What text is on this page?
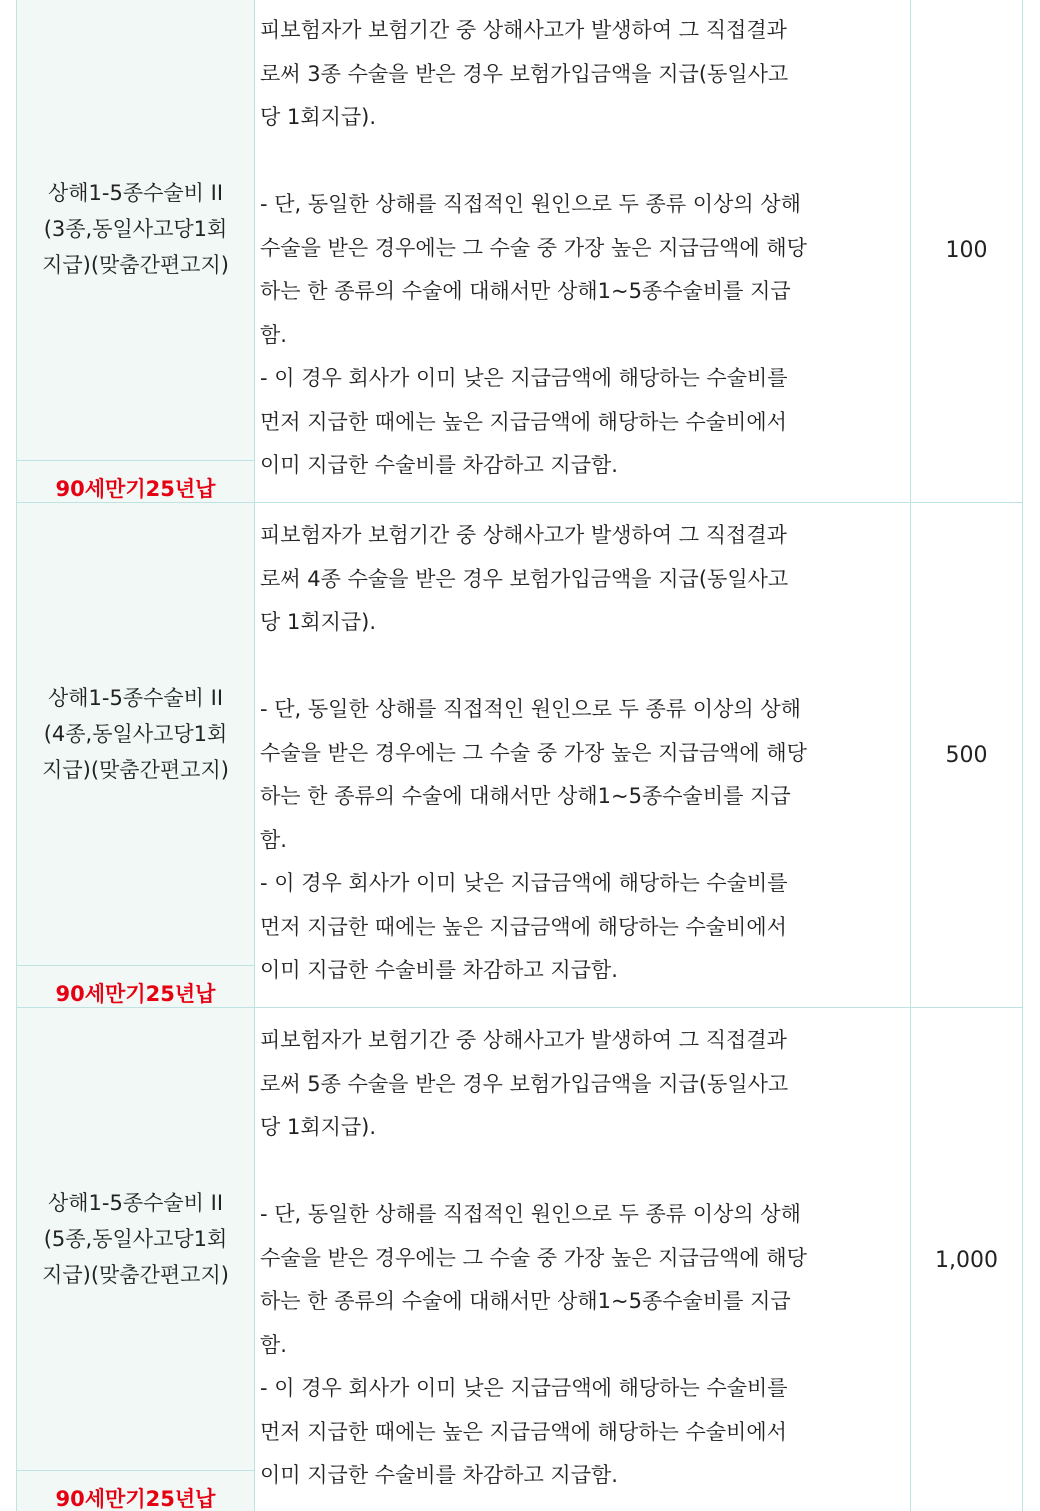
상해1-5종수술비 II
(3종,동일사고당1회
지급)(맞춤간편고지)
90세만기25년납
피보험자가 보험기간 중 상해사고가 발생하여 그 직접결과
로써 3종 수술을 받은 경우 보험가입금액을 지급(동일사고
당 1회지급).
- 단, 동일한 상해를 직접적인 원인으로 두 종류 이상의 상해
수술을 받은 경우에는 그 수술 중 가장 높은 지급금액에 해당
하는 한 종류의 수술에 대해서만 상해1~5종수술비를 지급
함.
- 이 경우 회사가 이미 낮은 지급금액에 해당하는 수술비를
먼저 지급한 때에는 높은 지급금액에 해당하는 수술비에서
이미 지급한 수술비를 차감하고 지급함.
100
상해1-5종수술비 II
(4종,동일사고당1회
지급)(맞춤간편고지)
90세만기25년납
피보험자가 보험기간 중 상해사고가 발생하여 그 직접결과
로써 4종 수술을 받은 경우 보험가입금액을 지급(동일사고
당 1회지급).
- 단, 동일한 상해를 직접적인 원인으로 두 종류 이상의 상해
수술을 받은 경우에는 그 수술 중 가장 높은 지급금액에 해당
하는 한 종류의 수술에 대해서만 상해1~5종수술비를 지급
함.
- 이 경우 회사가 이미 낮은 지급금액에 해당하는 수술비를
먼저 지급한 때에는 높은 지급금액에 해당하는 수술비에서
이미 지급한 수술비를 차감하고 지급함.
500
상해1-5종수술비 II
(5종,동일사고당1회
지급)(맞춤간편고지)
90세만기25년납
피보험자가 보험기간 중 상해사고가 발생하여 그 직접결과
로써 5종 수술을 받은 경우 보험가입금액을 지급(동일사고
당 1회지급).
- 단, 동일한 상해를 직접적인 원인으로 두 종류 이상의 상해
수술을 받은 경우에는 그 수술 중 가장 높은 지급금액에 해당
하는 한 종류의 수술에 대해서만 상해1~5종수술비를 지급
함.
- 이 경우 회사가 이미 낮은 지급금액에 해당하는 수술비를
먼저 지급한 때에는 높은 지급금액에 해당하는 수술비에서
이미 지급한 수술비를 차감하고 지급함.
1,000
